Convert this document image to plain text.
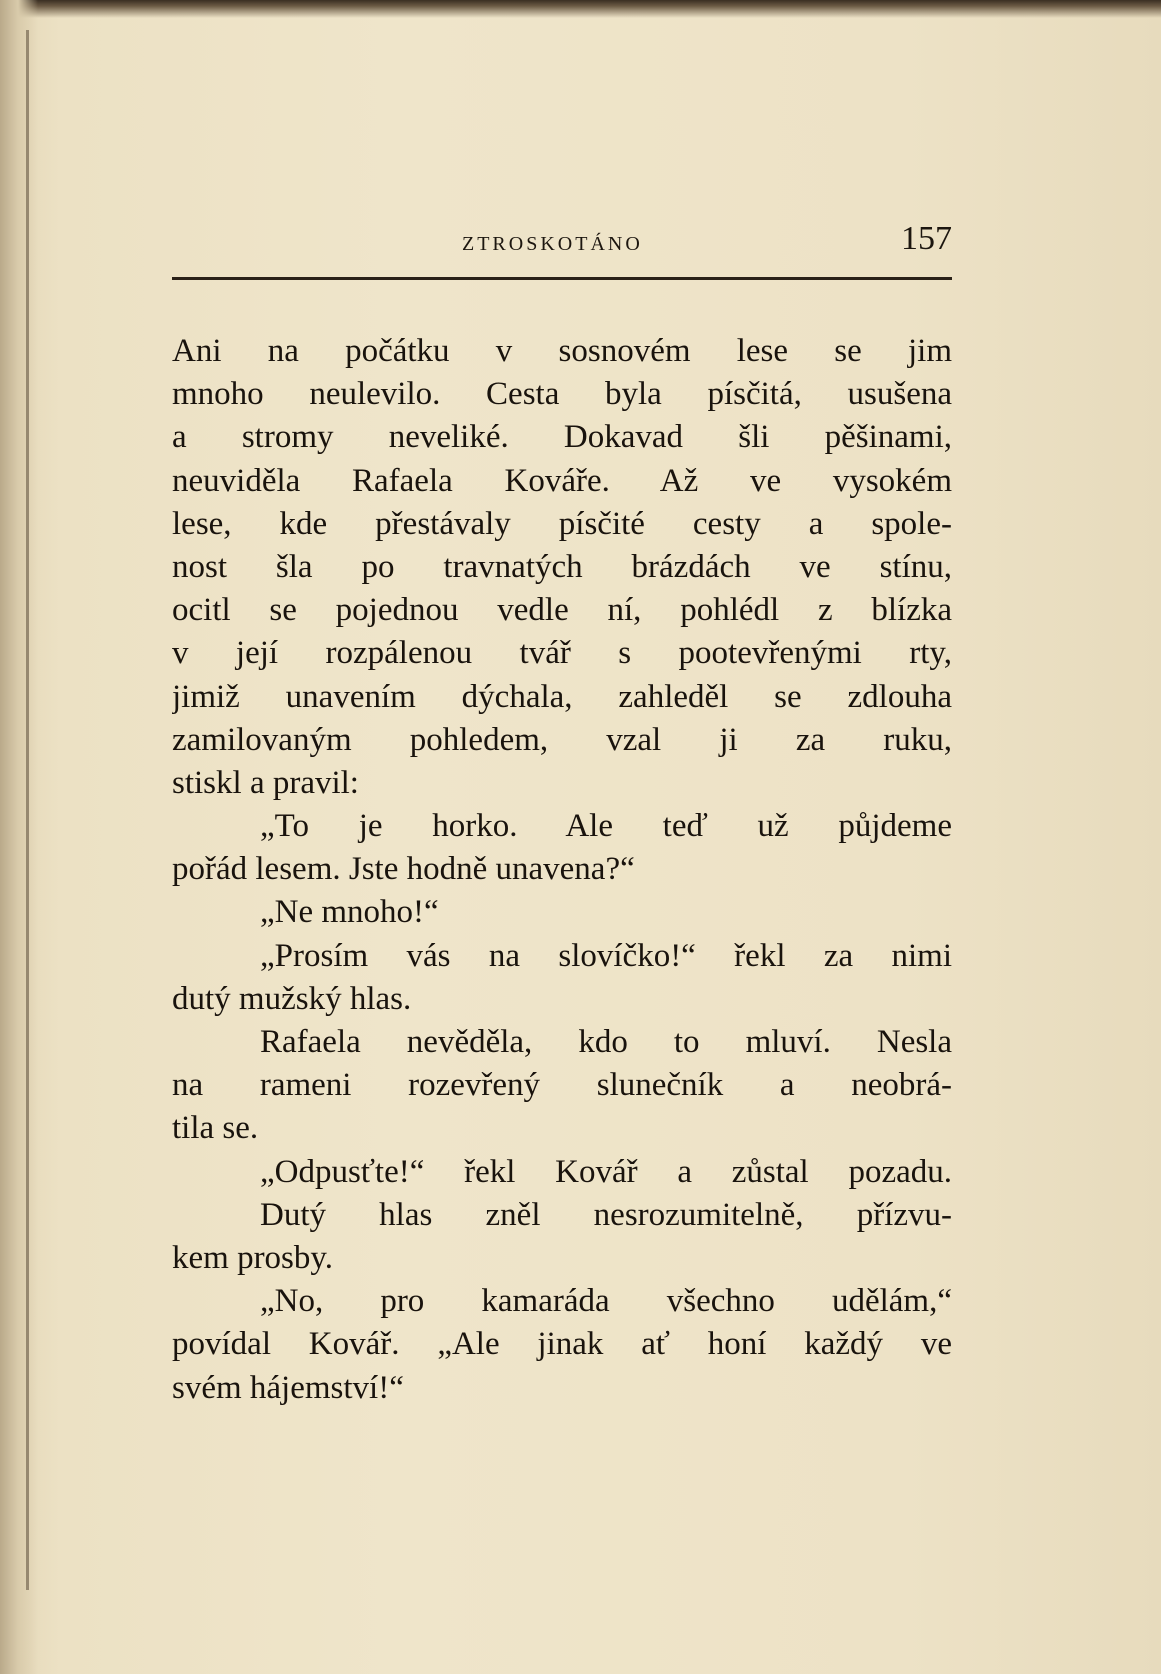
ZTROSKOTÁNO	157
Ani na počátku v sosnovém lese se jim
mnoho neulevilo. Cesta byla písčitá, usušena
a stromy neveliké. Dokavad šli pěšinami,
neuviděla Rafaela Kováře. Až ve vysokém
lese, kde přestávaly písčité cesty a spole-
nost šla po travnatých brázdách ve stínu,
ocitl se pojednou vedle ní, pohlédl z blízka
v její rozpálenou tvář s pootevřenými rty,
jimiž unavením dýchala, zahleděl se zdlouha
zamilovaným pohledem, vzal ji za ruku,
stiskl a pravil:
„To je horko. Ale teď už půjdeme
pořád lesem. Jste hodně unavena?“
„Ne mnoho!“
„Prosím vás na slovíčko!“ řekl za nimi
dutý mužský hlas.
Rafaela nevěděla, kdo to mluví. Nesla
na rameni rozevřený slunečník a neobrá-
tila se.
„Odpusťte!“ řekl Kovář a zůstal pozadu.
Dutý hlas zněl nesrozumitelně, přízvu-
kem prosby.
„No, pro kamaráda všechno udělám,“
povídal Kovář. „Ale jinak ať honí každý ve
svém hájemství!“
